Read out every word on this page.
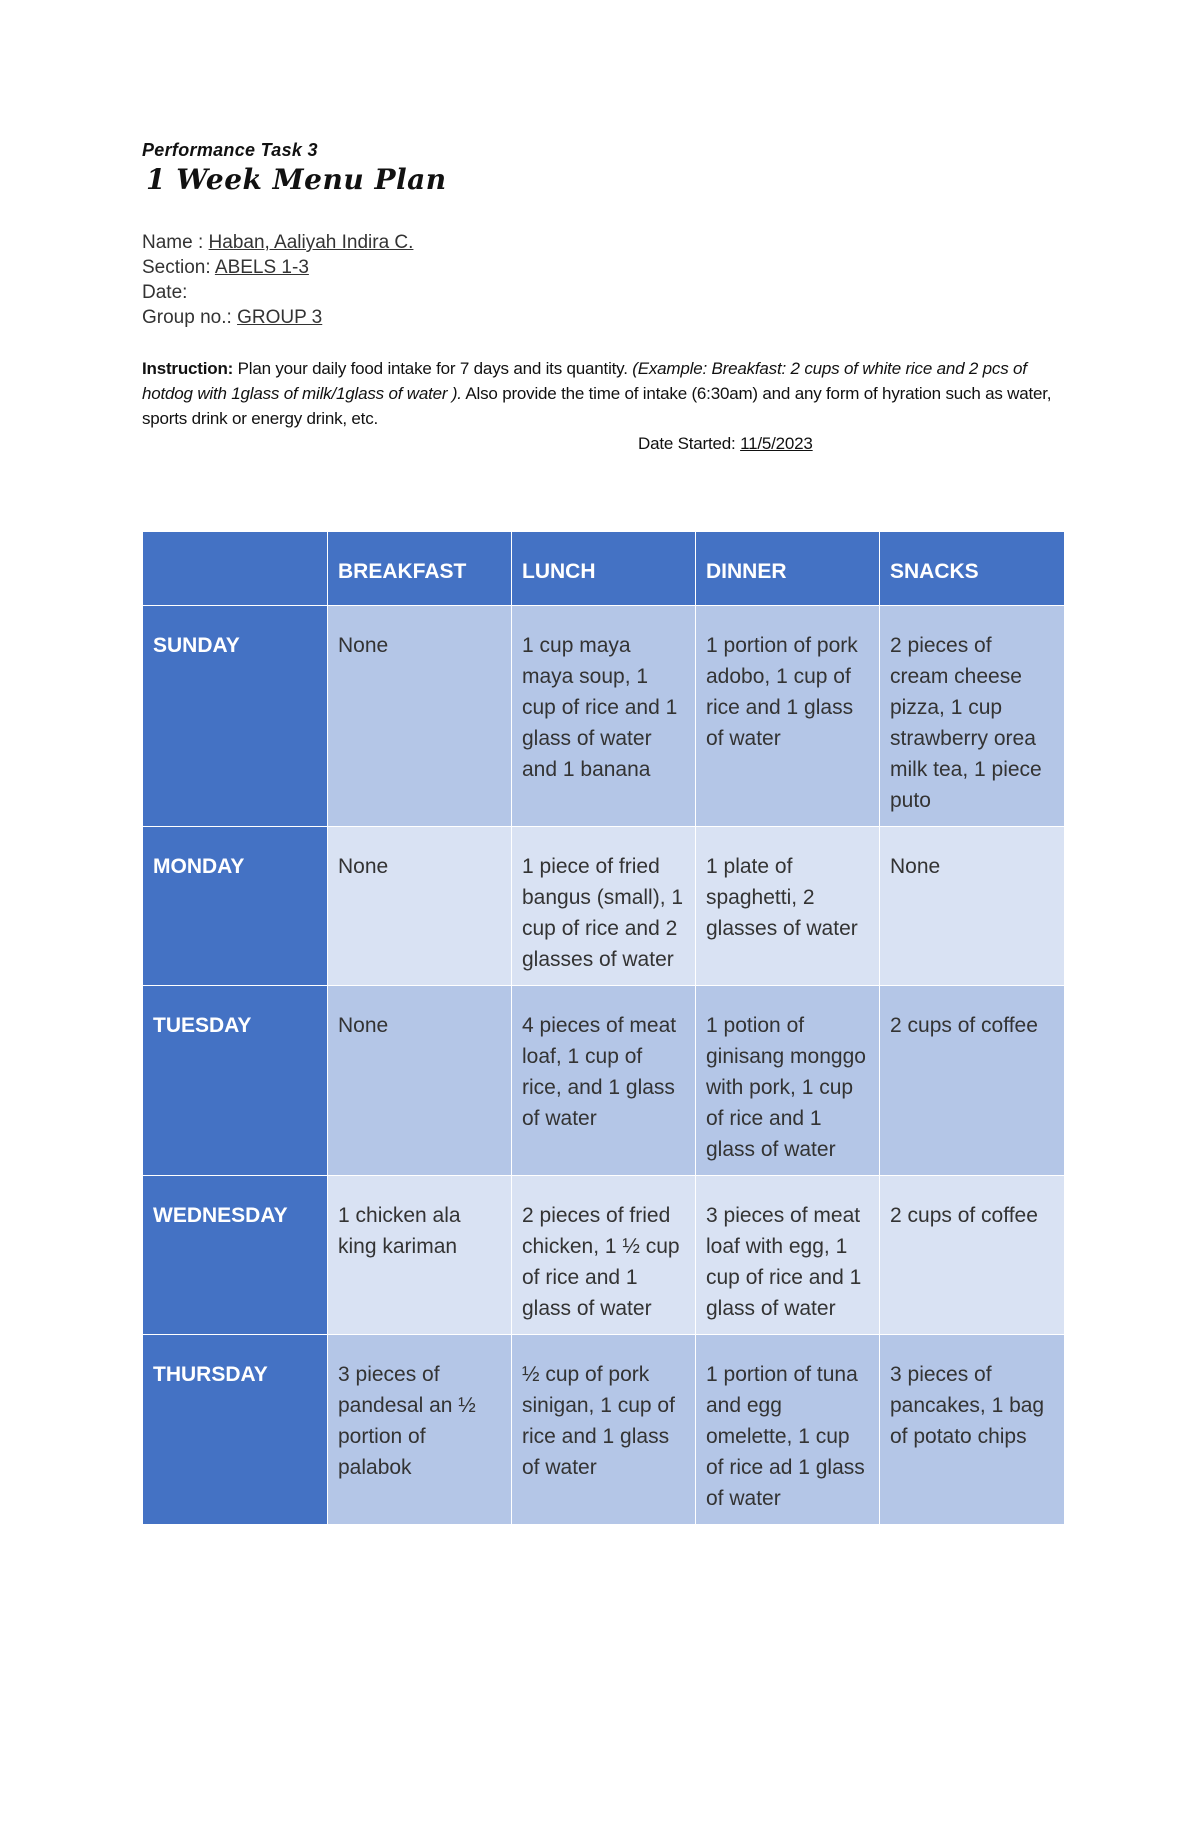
Performance Task 3

1 Week Menu Plan

Name : Haban, Aaliyah Indira C.
Section: ABELS 1-3
Date:
Group no.: GROUP 3
Instruction: Plan your daily food intake for 7 days and its quantity. (Example: Breakfast: 2 cups of white rice and 2 pcs of hotdog with 1glass of milk/1glass of water ). Also provide the time of intake (6:30am) and any form of hyration such as water, sports drink or energy drink, etc.
Date Started: 11/5/2023
	BREAKFAST	LUNCH	DINNER	SNACKS
SUNDAY	None	1 cup maya maya soup, 1 cup of rice and 1 glass of water and 1 banana	1 portion of pork adobo, 1 cup of rice and 1 glass of water	2 pieces of cream cheese pizza, 1 cup strawberry orea milk tea, 1 piece puto
MONDAY	None	1 piece of fried bangus (small), 1 cup of rice and 2 glasses of water	1 plate of spaghetti, 2 glasses of water	None
TUESDAY	None	4 pieces of meat loaf, 1 cup of rice, and 1 glass of water	1 potion of ginisang monggo with pork, 1 cup of rice and 1 glass of water	2 cups of coffee
WEDNESDAY	1 chicken ala king kariman	2 pieces of fried chicken, 1 ½ cup of rice and 1 glass of water	3 pieces of meat loaf with egg, 1 cup of rice and 1 glass of water	2 cups of coffee
THURSDAY	3 pieces of pandesal an ½ portion of palabok	½ cup of pork sinigan, 1 cup of rice and 1 glass of water	1 portion of tuna and egg omelette, 1 cup of rice ad 1 glass of water	3 pieces of pancakes, 1 bag of potato chips
